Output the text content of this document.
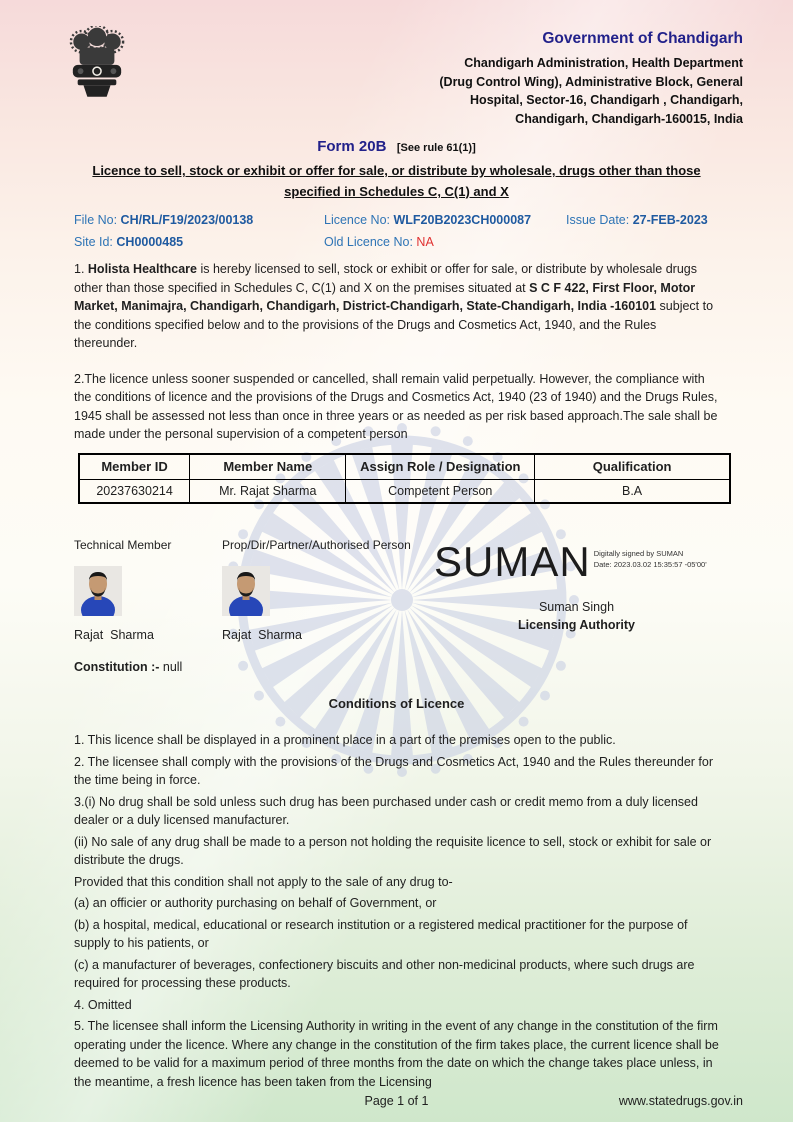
Government of Chandigarh
Chandigarh Administration, Health Department
(Drug Control Wing), Administrative Block, General
Hospital, Sector-16, Chandigarh , Chandigarh,
Chandigarh, Chandigarh-160015, India
Form 20B [See rule 61(1)]
Licence to sell, stock or exhibit or offer for sale, or distribute by wholesale, drugs other than those specified in Schedules C, C(1) and X
File No: CH/RL/F19/2023/00138	Licence No: WLF20B2023CH000087	Issue Date: 27-FEB-2023
Site Id: CH0000485	Old Licence No: NA
1. Holista Healthcare is hereby licensed to sell, stock or exhibit or offer for sale, or distribute by wholesale drugs other than those specified in Schedules C, C(1) and X on the premises situated at S C F 422, First Floor, Motor Market, Manimajra, Chandigarh, Chandigarh, District-Chandigarh, State-Chandigarh, India -160101 subject to the conditions specified below and to the provisions of the Drugs and Cosmetics Act, 1940, and the Rules thereunder.
2.The licence unless sooner suspended or cancelled, shall remain valid perpetually. However, the compliance with the conditions of licence and the provisions of the Drugs and Cosmetics Act, 1940 (23 of 1940) and the Drugs Rules, 1945 shall be assessed not less than once in three years or as needed as per risk based approach.The sale shall be made under the personal supervision of a competent person
Member ID	Member Name	Assign Role / Designation	Qualification
20237630214	Mr. Rajat Sharma	Competent Person	B.A
Technical Member
Rajat  Sharma
Prop/Dir/Partner/Authorised Person
Rajat  Sharma
SUMAN Digitally signed by SUMAN
Date: 2023.03.02 15:35:57 -05'00'
Suman Singh
Licensing Authority
Constitution :- null
Conditions of Licence
1. This licence shall be displayed in a prominent place in a part of the premises open to the public.
2. The licensee shall comply with the provisions of the Drugs and Cosmetics Act, 1940 and the Rules thereunder for the time being in force.
3.(i) No drug shall be sold unless such drug has been purchased under cash or credit memo from a duly licensed dealer or a duly licensed manufacturer.
(ii) No sale of any drug shall be made to a person not holding the requisite licence to sell, stock or exhibit for sale or distribute the drugs.
Provided that this condition shall not apply to the sale of any drug to-
(a) an officier or authority purchasing on behalf of Government, or
(b) a hospital, medical, educational or research institution or a registered medical practitioner for the purpose of supply to his patients, or
(c) a manufacturer of beverages, confectionery biscuits and other non-medicinal products, where such drugs are required for processing these products.
4. Omitted
5. The licensee shall inform the Licensing Authority in writing in the event of any change in the constitution of the firm operating under the licence. Where any change in the constitution of the firm takes place, the current licence shall be deemed to be valid for a maximum period of three months from the date on which the change takes place unless, in the meantime, a fresh licence has been taken from the Licensing
Page 1 of 1	www.statedrugs.gov.in
